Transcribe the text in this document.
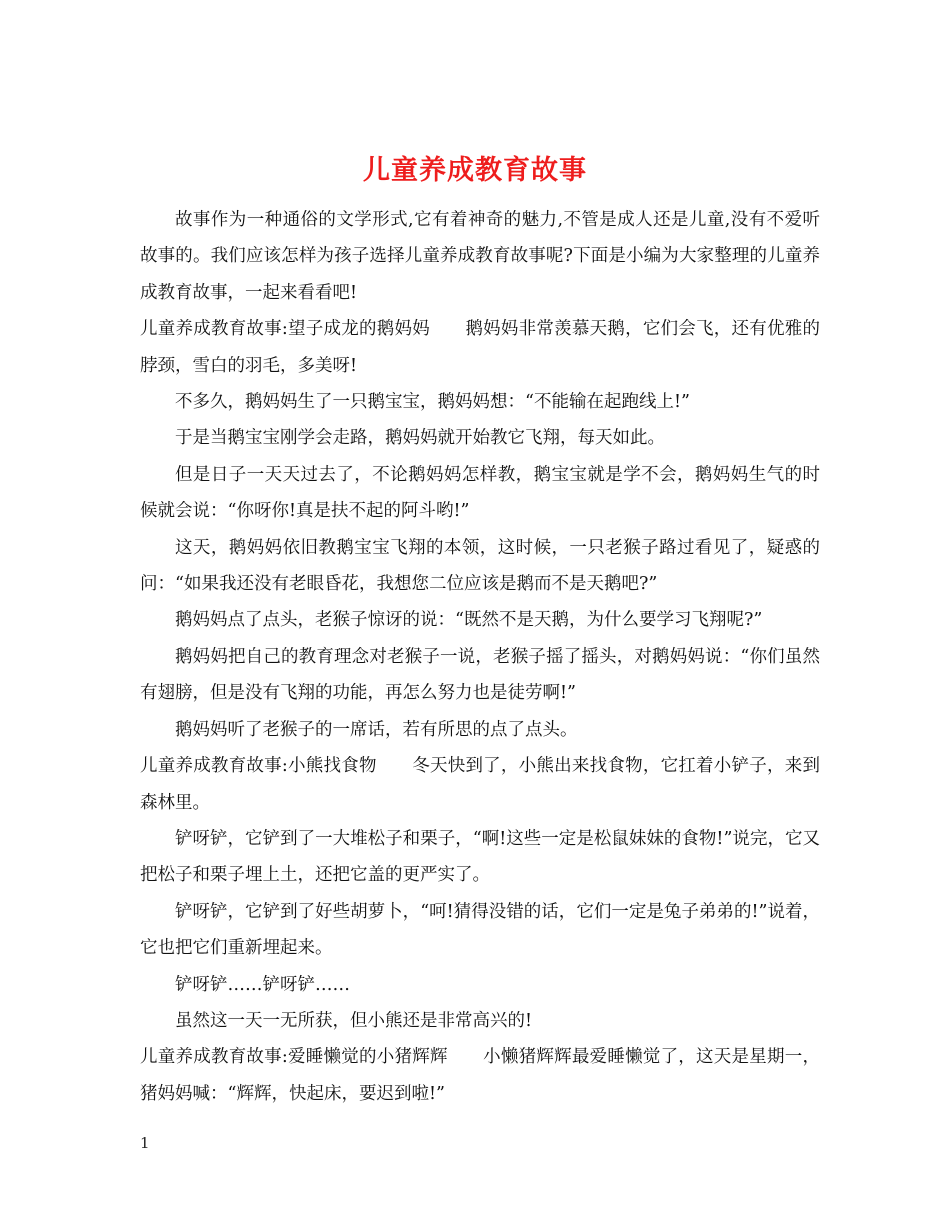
儿童养成教育故事

故事作为一种通俗的文学形式,它有着神奇的魅力,不管是成人还是儿童,没有不爱听故事的。我们应该怎样为孩子选择儿童养成教育故事呢?下面是小编为大家整理的儿童养成教育故事，一起来看看吧!

儿童养成教育故事:望子成龙的鹅妈妈　　鹅妈妈非常羡慕天鹅，它们会飞，还有优雅的脖颈，雪白的羽毛，多美呀!

不多久，鹅妈妈生了一只鹅宝宝，鹅妈妈想：“不能输在起跑线上!”

于是当鹅宝宝刚学会走路，鹅妈妈就开始教它飞翔，每天如此。

但是日子一天天过去了，不论鹅妈妈怎样教，鹅宝宝就是学不会，鹅妈妈生气的时候就会说：“你呀你!真是扶不起的阿斗哟!”

这天，鹅妈妈依旧教鹅宝宝飞翔的本领，这时候，一只老猴子路过看见了，疑惑的问：“如果我还没有老眼昏花，我想您二位应该是鹅而不是天鹅吧?”

鹅妈妈点了点头，老猴子惊讶的说：“既然不是天鹅，为什么要学习飞翔呢?”

鹅妈妈把自己的教育理念对老猴子一说，老猴子摇了摇头，对鹅妈妈说：“你们虽然有翅膀，但是没有飞翔的功能，再怎么努力也是徒劳啊!”

鹅妈妈听了老猴子的一席话，若有所思的点了点头。

儿童养成教育故事:小熊找食物　　冬天快到了，小熊出来找食物，它扛着小铲子，来到森林里。

铲呀铲，它铲到了一大堆松子和栗子，“啊!这些一定是松鼠妹妹的食物!”说完，它又把松子和栗子埋上土，还把它盖的更严实了。

铲呀铲，它铲到了好些胡萝卜，“呵!猜得没错的话，它们一定是兔子弟弟的!”说着，它也把它们重新埋起来。

铲呀铲……铲呀铲……

虽然这一天一无所获，但小熊还是非常高兴的!

儿童养成教育故事:爱睡懒觉的小猪辉辉　　小懒猪辉辉最爱睡懒觉了，这天是星期一，猪妈妈喊：“辉辉，快起床，要迟到啦!”

1
